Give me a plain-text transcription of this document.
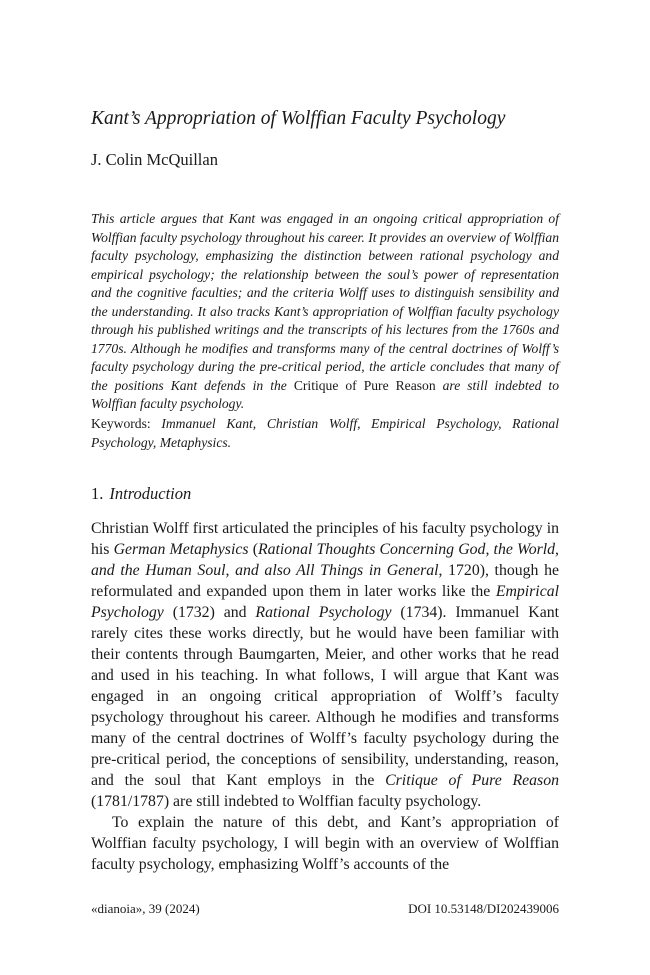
Kant’s Appropriation of Wolffian Faculty Psychology
J. Colin McQuillan
This article argues that Kant was engaged in an ongoing critical appropriation of Wolffian faculty psychology throughout his career. It provides an overview of Wolffian faculty psychology, emphasizing the distinction between rational psychology and empirical psychology; the relationship between the soul’s power of representation and the cognitive faculties; and the criteria Wolff uses to distinguish sensibility and the understanding. It also tracks Kant’s appropriation of Wolffian faculty psychology through his published writings and the transcripts of his lectures from the 1760s and 1770s. Although he modifies and transforms many of the central doctrines of Wolff’s faculty psychology during the pre-critical period, the article concludes that many of the positions Kant defends in the Critique of Pure Reason are still indebted to Wolffian faculty psychology.
Keywords: Immanuel Kant, Christian Wolff, Empirical Psychology, Rational Psychology, Metaphysics.
1. Introduction

Christian Wolff first articulated the principles of his faculty psychology in his German Metaphysics (Rational Thoughts Concerning God, the World, and the Human Soul, and also All Things in General, 1720), though he reformulated and expanded upon them in later works like the Empirical Psychology (1732) and Rational Psychology (1734). Immanuel Kant rarely cites these works directly, but he would have been familiar with their contents through Baumgarten, Meier, and other works that he read and used in his teaching. In what follows, I will argue that Kant was engaged in an ongoing critical appropriation of Wolff’s faculty psychology throughout his career. Although he modifies and transforms many of the central doctrines of Wolff’s faculty psychology during the pre-critical period, the conceptions of sensibility, understanding, reason, and the soul that Kant employs in the Critique of Pure Reason (1781/1787) are still indebted to Wolffian faculty psychology.

To explain the nature of this debt, and Kant’s appropriation of Wolffian faculty psychology, I will begin with an overview of Wolffian faculty psychology, emphasizing Wolff’s accounts of the

«dianoia», 39 (2024)	DOI 10.53148/DI202439006
